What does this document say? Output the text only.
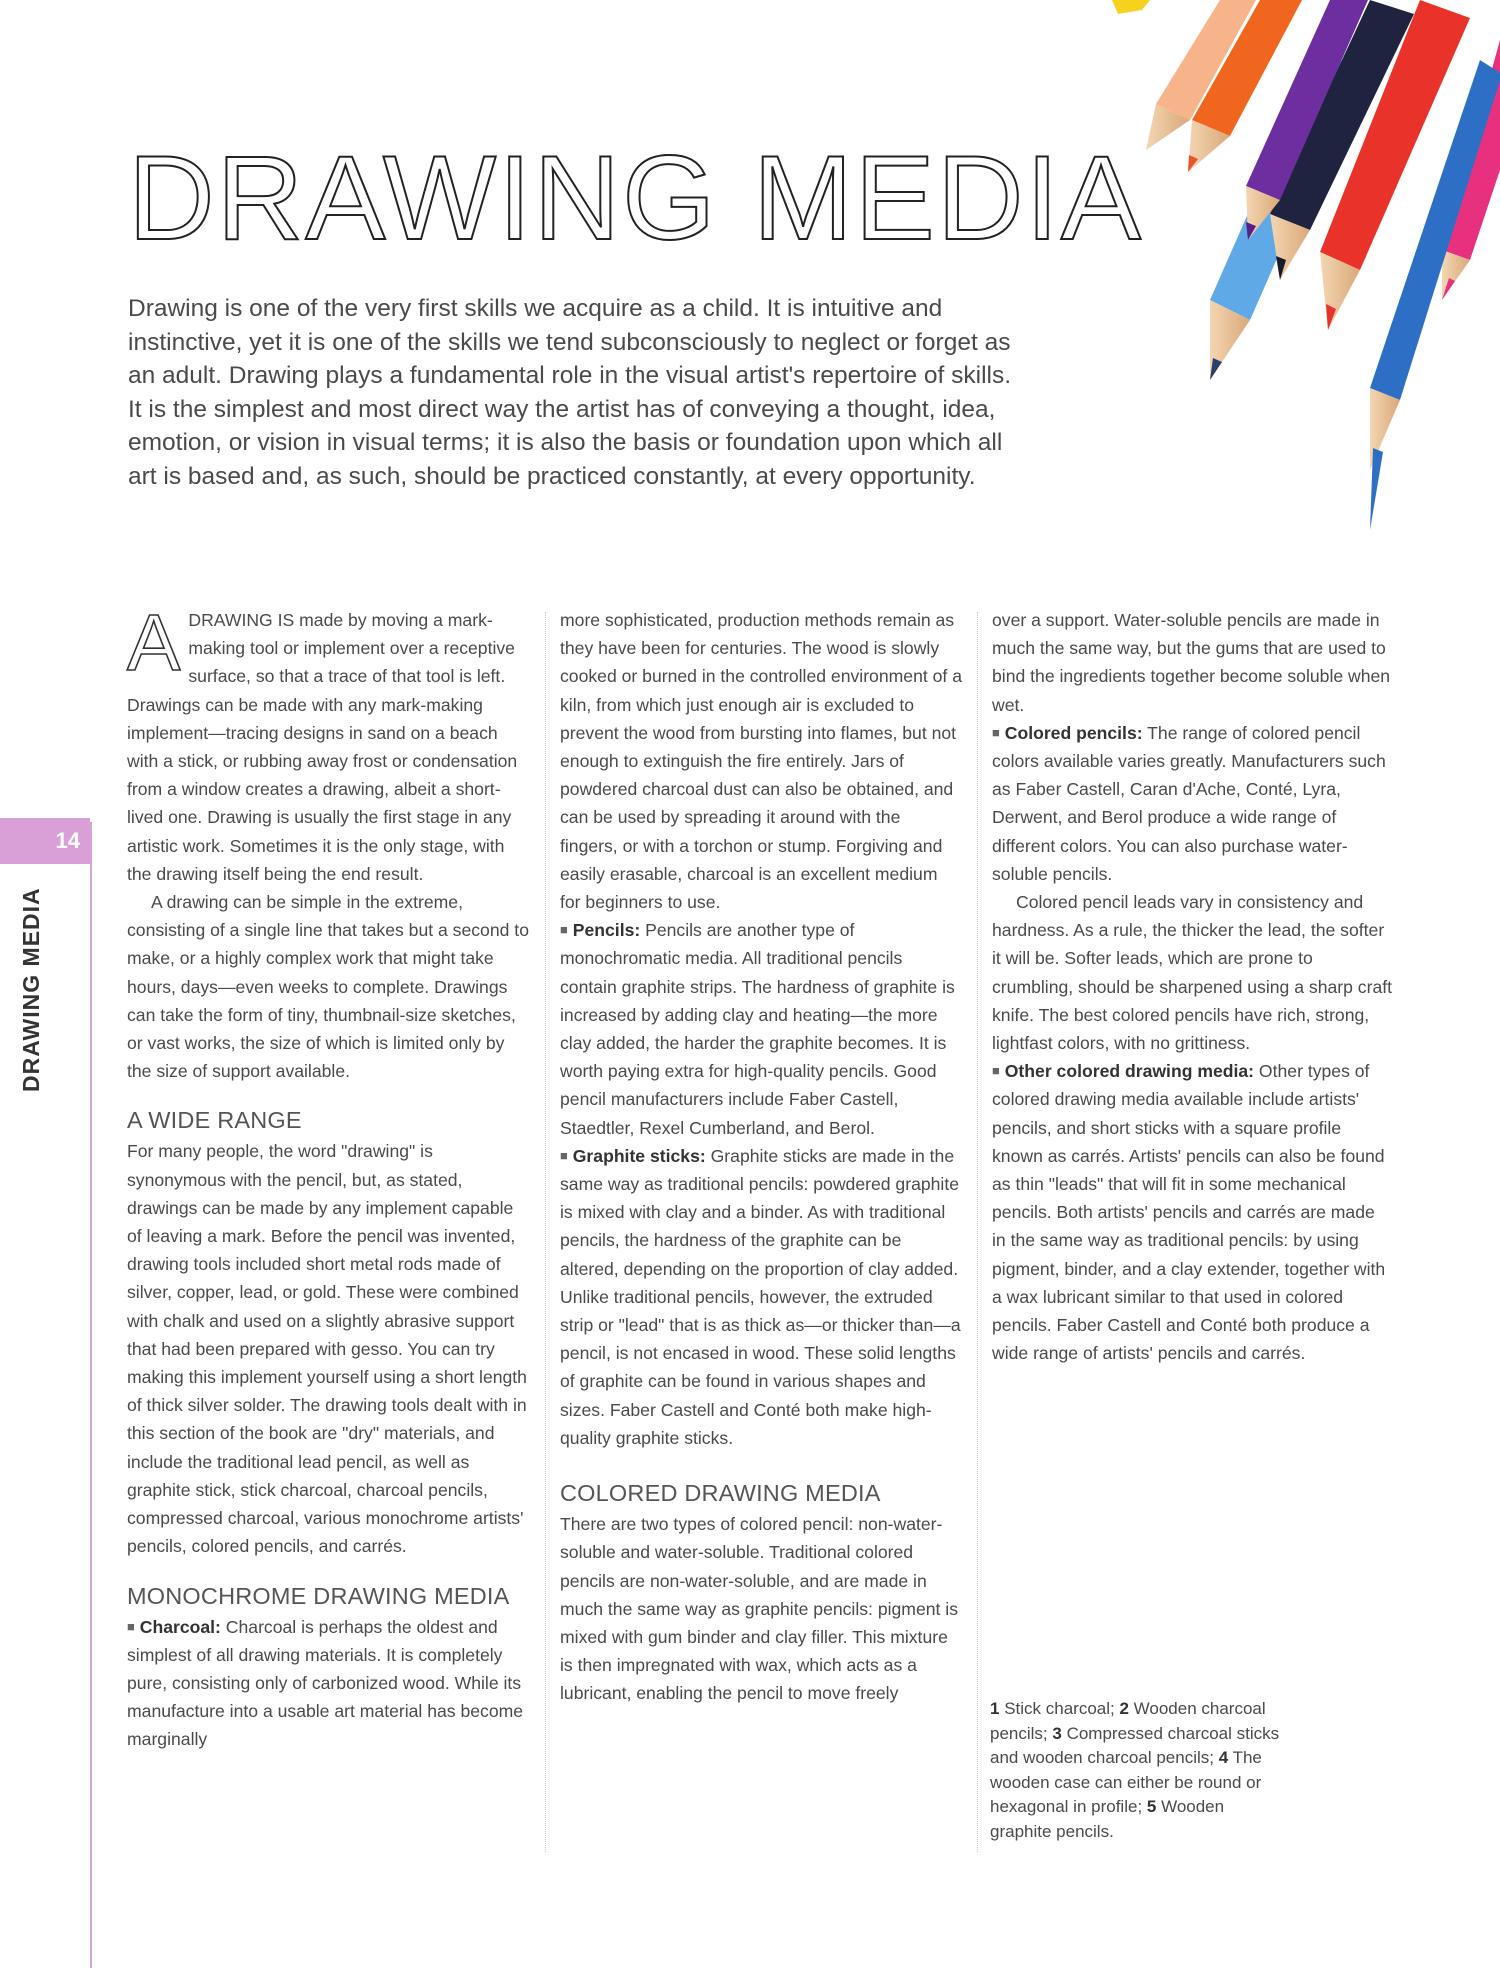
DRAWING MEDIA

Drawing is one of the very first skills we acquire as a child. It is intuitive and instinctive, yet it is one of the skills we tend subconsciously to neglect or forget as an adult. Drawing plays a fundamental role in the visual artist's repertoire of skills. It is the simplest and most direct way the artist has of conveying a thought, idea, emotion, or vision in visual terms; it is also the basis or foundation upon which all art is based and, as such, should be practiced constantly, at every opportunity.

14
DRAWING MEDIA

ADRAWING IS made by moving a mark-making tool or implement over a receptive surface, so that a trace of that tool is left. Drawings can be made with any mark-making implement—tracing designs in sand on a beach with a stick, or rubbing away frost or condensation from a window creates a drawing, albeit a short-lived one. Drawing is usually the first stage in any artistic work. Sometimes it is the only stage, with the drawing itself being the end result.

A drawing can be simple in the extreme, consisting of a single line that takes but a second to make, or a highly complex work that might take hours, days—even weeks to complete. Drawings can take the form of tiny, thumbnail-size sketches, or vast works, the size of which is limited only by the size of support available.

A WIDE RANGE

For many people, the word "drawing" is synonymous with the pencil, but, as stated, drawings can be made by any implement capable of leaving a mark. Before the pencil was invented, drawing tools included short metal rods made of silver, copper, lead, or gold. These were combined with chalk and used on a slightly abrasive support that had been prepared with gesso. You can try making this implement yourself using a short length of thick silver solder. The drawing tools dealt with in this section of the book are "dry" materials, and include the traditional lead pencil, as well as graphite stick, stick charcoal, charcoal pencils, compressed charcoal, various monochrome artists' pencils, colored pencils, and carrés.

MONOCHROME DRAWING MEDIA

■ Charcoal: Charcoal is perhaps the oldest and simplest of all drawing materials. It is completely pure, consisting only of carbonized wood. While its manufacture into a usable art material has become marginally

more sophisticated, production methods remain as they have been for centuries. The wood is slowly cooked or burned in the controlled environment of a kiln, from which just enough air is excluded to prevent the wood from bursting into flames, but not enough to extinguish the fire entirely. Jars of powdered charcoal dust can also be obtained, and can be used by spreading it around with the fingers, or with a torchon or stump. Forgiving and easily erasable, charcoal is an excellent medium for beginners to use.

■ Pencils: Pencils are another type of monochromatic media. All traditional pencils contain graphite strips. The hardness of graphite is increased by adding clay and heating—the more clay added, the harder the graphite becomes. It is worth paying extra for high-quality pencils. Good pencil manufacturers include Faber Castell, Staedtler, Rexel Cumberland, and Berol.

■ Graphite sticks: Graphite sticks are made in the same way as traditional pencils: powdered graphite is mixed with clay and a binder. As with traditional pencils, the hardness of the graphite can be altered, depending on the proportion of clay added. Unlike traditional pencils, however, the extruded strip or "lead" that is as thick as—or thicker than—a pencil, is not encased in wood. These solid lengths of graphite can be found in various shapes and sizes. Faber Castell and Conté both make high-quality graphite sticks.

COLORED DRAWING MEDIA

There are two types of colored pencil: non-water-soluble and water-soluble. Traditional colored pencils are non-water-soluble, and are made in much the same way as graphite pencils: pigment is mixed with gum binder and clay filler. This mixture is then impregnated with wax, which acts as a lubricant, enabling the pencil to move freely

over a support. Water-soluble pencils are made in much the same way, but the gums that are used to bind the ingredients together become soluble when wet.

■ Colored pencils: The range of colored pencil colors available varies greatly. Manufacturers such as Faber Castell, Caran d'Ache, Conté, Lyra, Derwent, and Berol produce a wide range of different colors. You can also purchase water-soluble pencils.

Colored pencil leads vary in consistency and hardness. As a rule, the thicker the lead, the softer it will be. Softer leads, which are prone to crumbling, should be sharpened using a sharp craft knife. The best colored pencils have rich, strong, lightfast colors, with no grittiness.

■ Other colored drawing media: Other types of colored drawing media available include artists' pencils, and short sticks with a square profile known as carrés. Artists' pencils can also be found as thin "leads" that will fit in some mechanical pencils. Both artists' pencils and carrés are made in the same way as traditional pencils: by using pigment, binder, and a clay extender, together with a wax lubricant similar to that used in colored pencils. Faber Castell and Conté both produce a wide range of artists' pencils and carrés.

1 Stick charcoal; 2 Wooden charcoal pencils; 3 Compressed charcoal sticks and wooden charcoal pencils; 4 The wooden case can either be round or hexagonal in profile; 5 Wooden graphite pencils.
